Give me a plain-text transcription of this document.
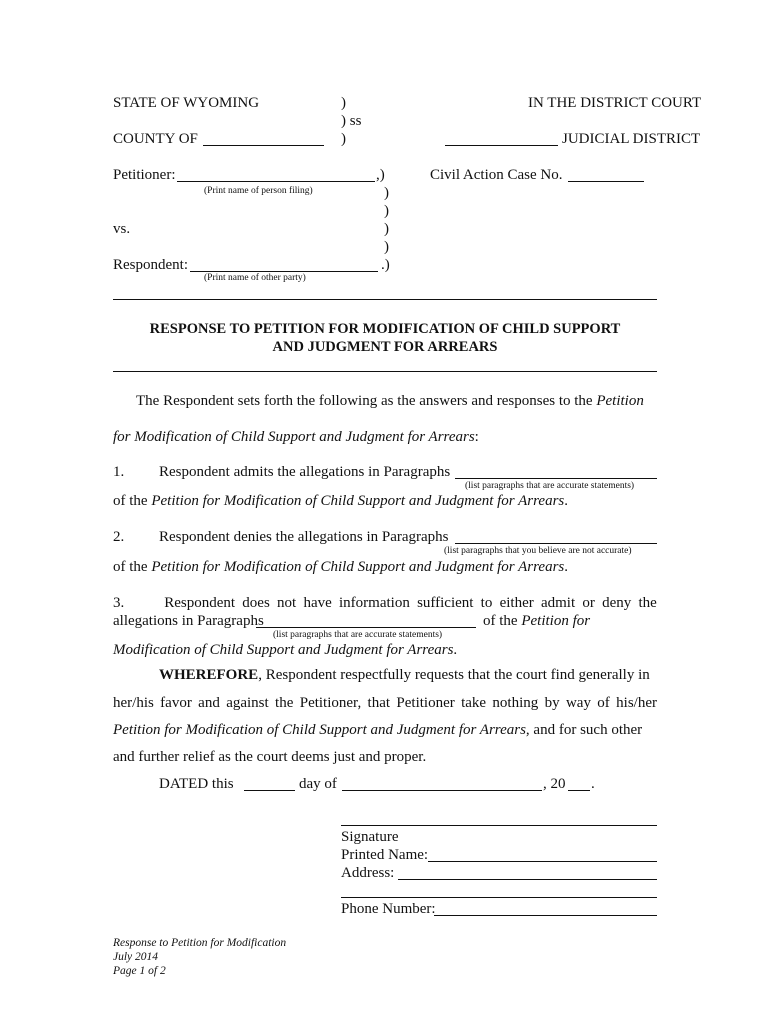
STATE OF WYOMING	)
) ss
IN THE DISTRICT COURT
COUNTY OF	)	JUDICIAL DISTRICT
Petitioner:	,)
(Print name of person filing)	)
)
vs.	)
)
Respondent:	.)
(Print name of other party)
Civil Action Case No.
RESPONSE TO PETITION FOR MODIFICATION OF CHILD SUPPORT
AND JUDGMENT FOR ARREARS
The Respondent sets forth the following as the answers and responses to the Petition
for Modification of Child Support and Judgment for Arrears:
1. Respondent admits the allegations in Paragraphs
(list paragraphs that are accurate statements)
of the Petition for Modification of Child Support and Judgment for Arrears.
2. Respondent denies the allegations in Paragraphs
(list paragraphs that you believe are not accurate)
of the Petition for Modification of Child Support and Judgment for Arrears.
3.	Respondent does not have information sufficient to either admit or deny the
allegations in Paragraphs	of the Petition for
(list paragraphs that are accurate statements)
Modification of Child Support and Judgment for Arrears.
WHEREFORE, Respondent respectfully requests that the court find generally in
her/his favor and against the Petitioner, that Petitioner take nothing by way of his/her
Petition for Modification of Child Support and Judgment for Arrears, and for such other
and further relief as the court deems just and proper.
DATED this	day of	, 20 .
Signature
Printed Name:
Address:
Phone Number:
Response to Petition for Modification
July 2014
Page 1 of 2
